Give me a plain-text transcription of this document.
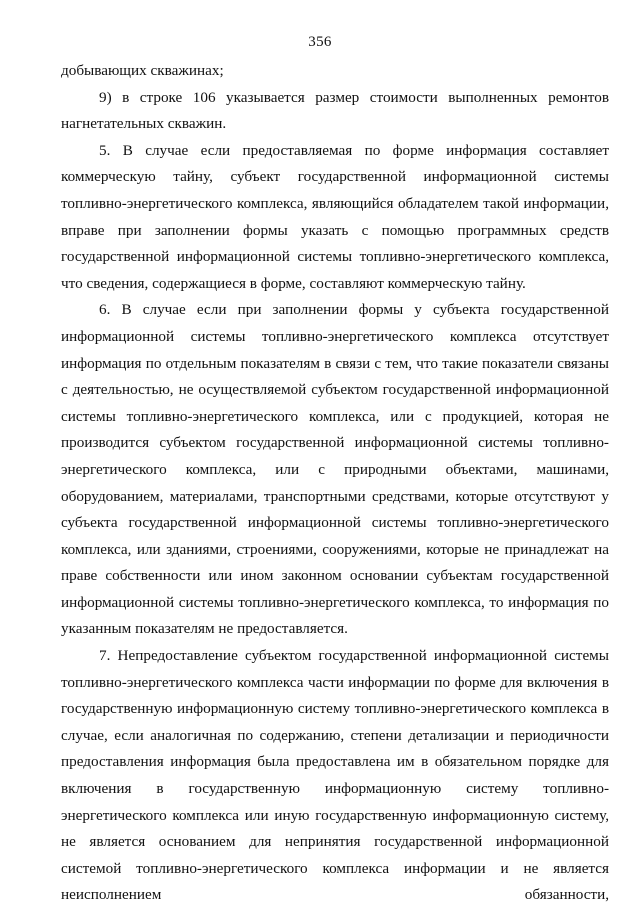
356

добывающих скважинах;

9) в строке 106 указывается размер стоимости выполненных ремонтов нагнетательных скважин.

5. В случае если предоставляемая по форме информация составляет коммерческую тайну, субъект государственной информационной системы топливно-энергетического комплекса, являющийся обладателем такой информации, вправе при заполнении формы указать с помощью программных средств государственной информационной системы топливно-энергетического комплекса, что сведения, содержащиеся в форме, составляют коммерческую тайну.

6. В случае если при заполнении формы у субъекта государственной информационной системы топливно-энергетического комплекса отсутствует информация по отдельным показателям в связи с тем, что такие показатели связаны с деятельностью, не осуществляемой субъектом государственной информационной системы топливно-энергетического комплекса, или с продукцией, которая не производится субъектом государственной информационной системы топливно-энергетического комплекса, или с природными объектами, машинами, оборудованием, материалами, транспортными средствами, которые отсутствуют у субъекта государственной информационной системы топливно-энергетического комплекса, или зданиями, строениями, сооружениями, которые не принадлежат на праве собственности или ином законном основании субъектам государственной информационной системы топливно-энергетического комплекса, то информация по указанным показателям не предоставляется.

7. Непредоставление субъектом государственной информационной системы топливно-энергетического комплекса части информации по форме для включения в государственную информационную систему топливно-энергетического комплекса в случае, если аналогичная по содержанию, степени детализации и периодичности предоставления информация была предоставлена им в обязательном порядке для включения в государственную информационную систему топливно-энергетического комплекса или иную государственную информационную систему, не является основанием для непринятия государственной информационной системой топливно-энергетического комплекса информации и не является неисполнением обязанности,
